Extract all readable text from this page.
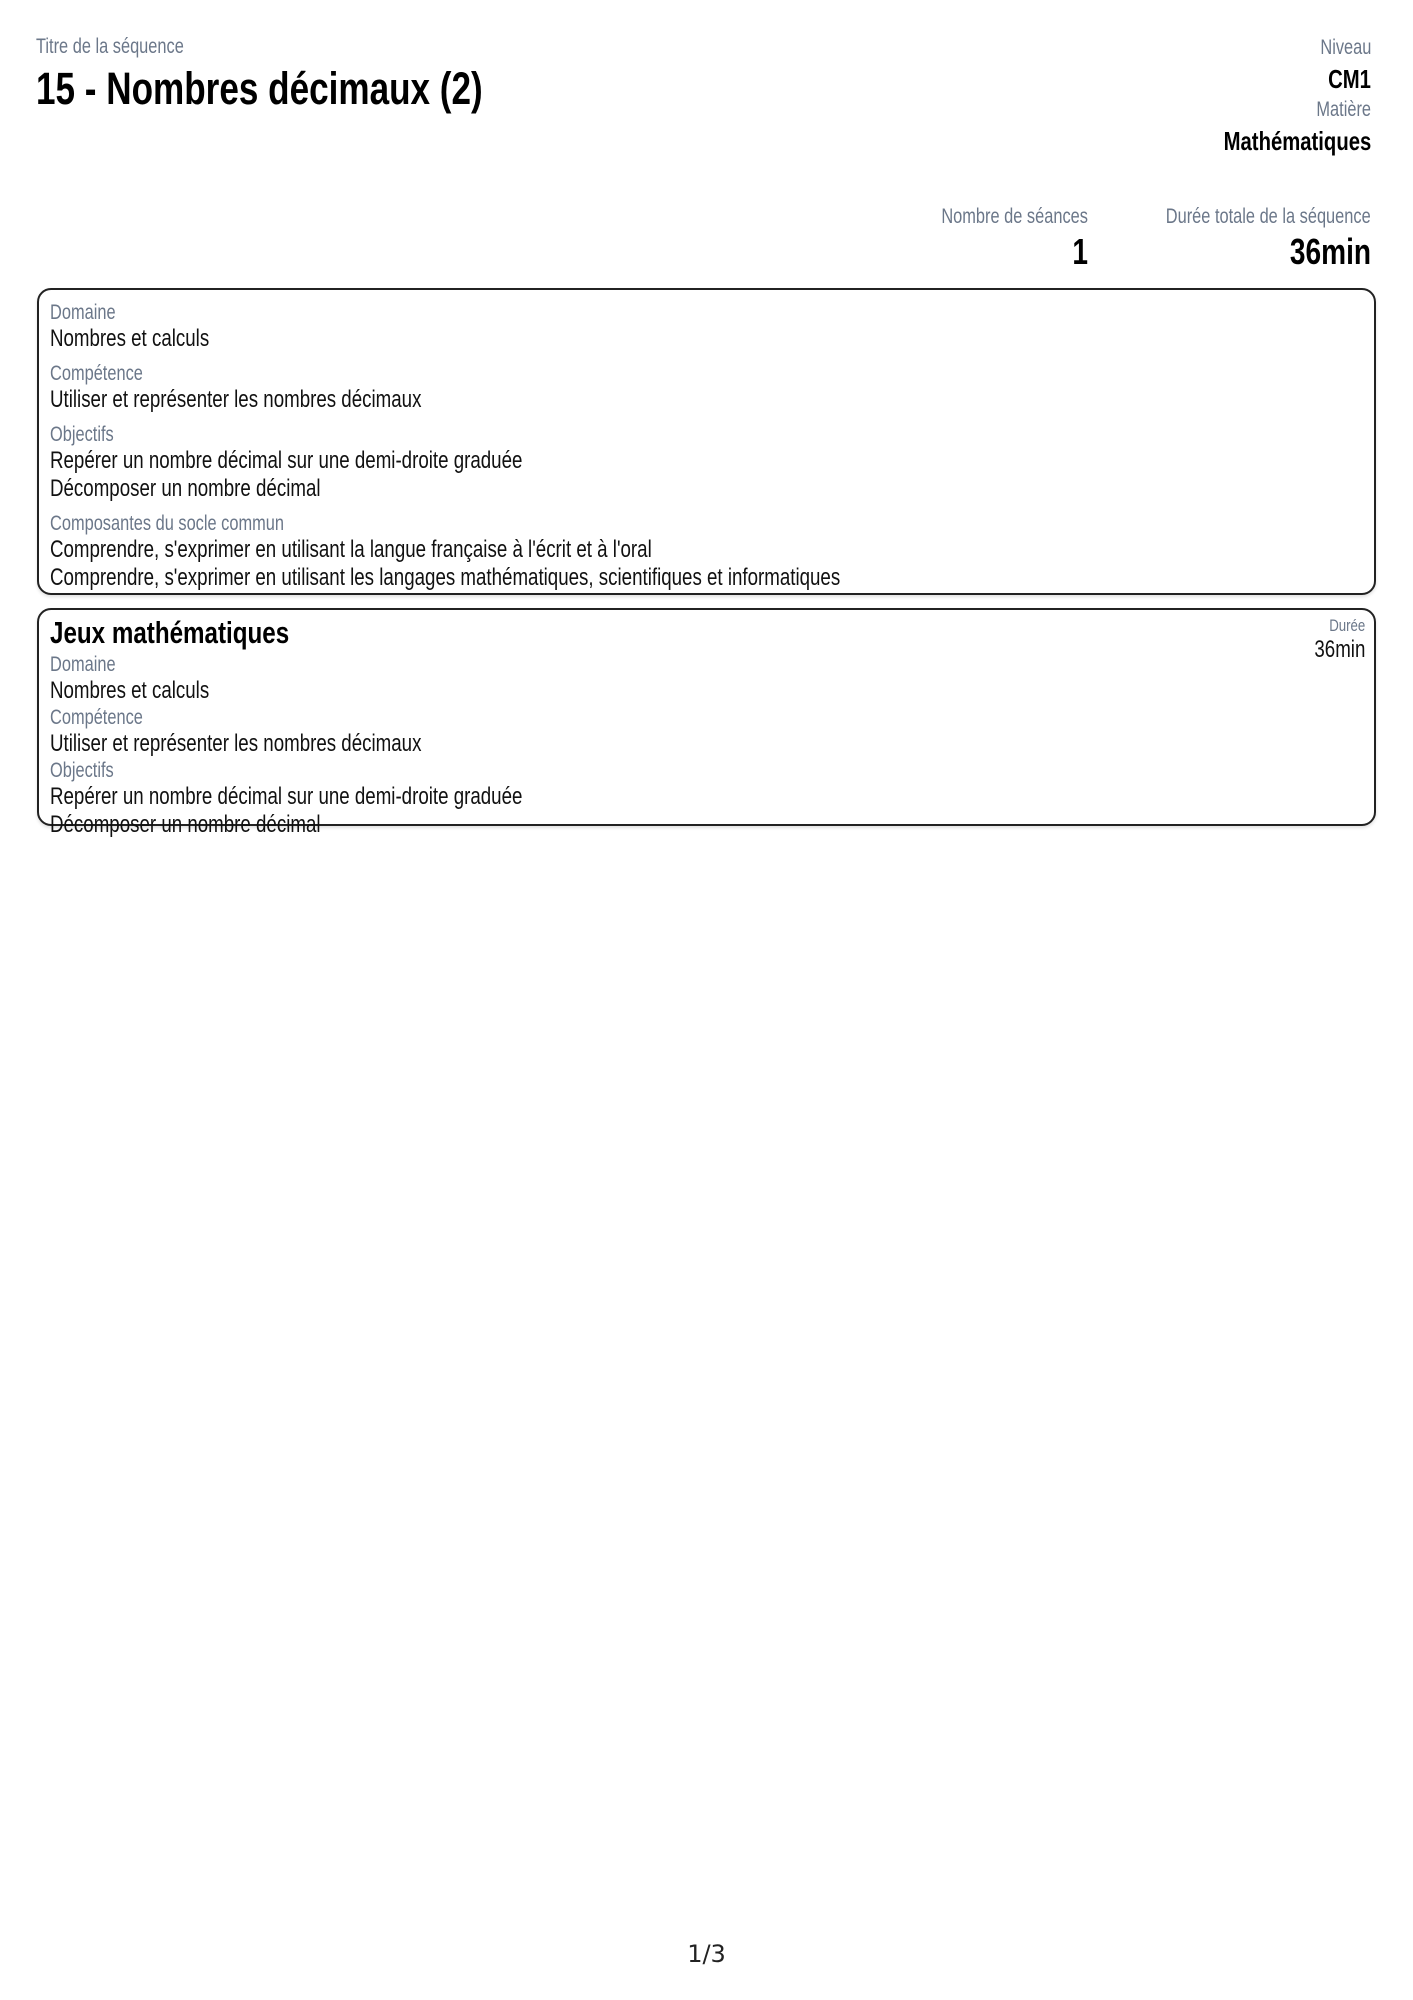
Titre de la séquence
15 - Nombres décimaux (2)
Niveau
CM1
Matière
Mathématiques
Nombre de séances
1
Durée totale de la séquence
36min
Domaine
Nombres et calculs
Compétence
Utiliser et représenter les nombres décimaux
Objectifs
Repérer un nombre décimal sur une demi-droite graduée
Décomposer un nombre décimal
Composantes du socle commun
Comprendre, s'exprimer en utilisant la langue française à l'écrit et à l'oral
Comprendre, s'exprimer en utilisant les langages mathématiques, scientifiques et informatiques
Durée
36min
Jeux mathématiques
Domaine
Nombres et calculs
Compétence
Utiliser et représenter les nombres décimaux
Objectifs
Repérer un nombre décimal sur une demi-droite graduée
Décomposer un nombre décimal
1/3
